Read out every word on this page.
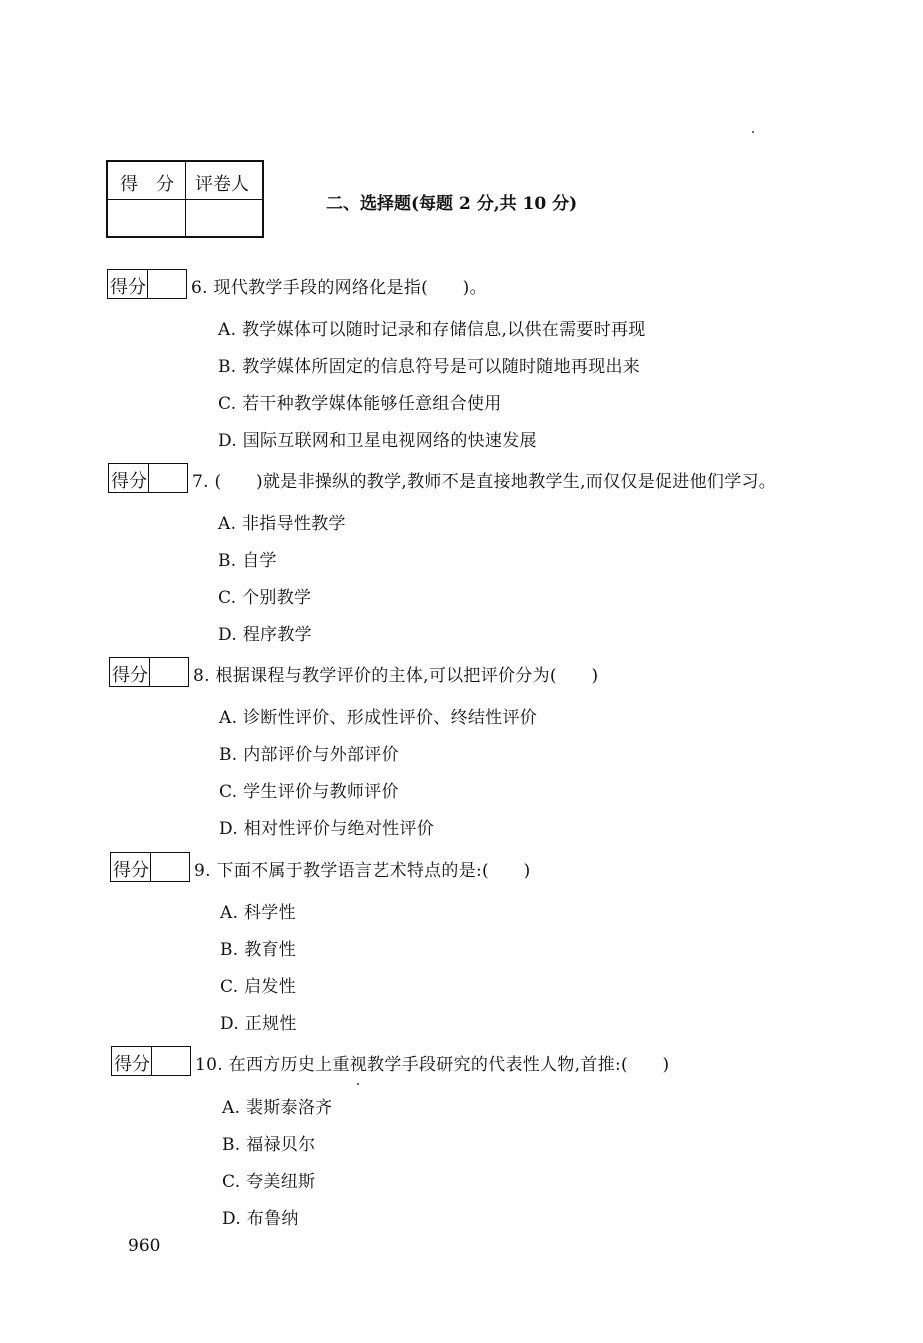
得　分 评卷人
二、选择题(每题 2 分,共 10 分)
得分	6. 现代教学手段的网络化是指(　　)。
A. 教学媒体可以随时记录和存储信息,以供在需要时再现
B. 教学媒体所固定的信息符号是可以随时随地再现出来
C. 若干种教学媒体能够任意组合使用
D. 国际互联网和卫星电视网络的快速发展
得分	7. (　　)就是非操纵的教学,教师不是直接地教学生,而仅仅是促进他们学习。
A. 非指导性教学
B. 自学
C. 个别教学
D. 程序教学
得分	8. 根据课程与教学评价的主体,可以把评价分为(　　)
A. 诊断性评价、形成性评价、终结性评价
B. 内部评价与外部评价
C. 学生评价与教师评价
D. 相对性评价与绝对性评价
得分	9. 下面不属于教学语言艺术特点的是:(　　)
A. 科学性
B. 教育性
C. 启发性
D. 正规性
得分	10. 在西方历史上重视教学手段研究的代表性人物,首推:(　　)
A. 裴斯泰洛齐
B. 福禄贝尔
C. 夸美纽斯
D. 布鲁纳
960
